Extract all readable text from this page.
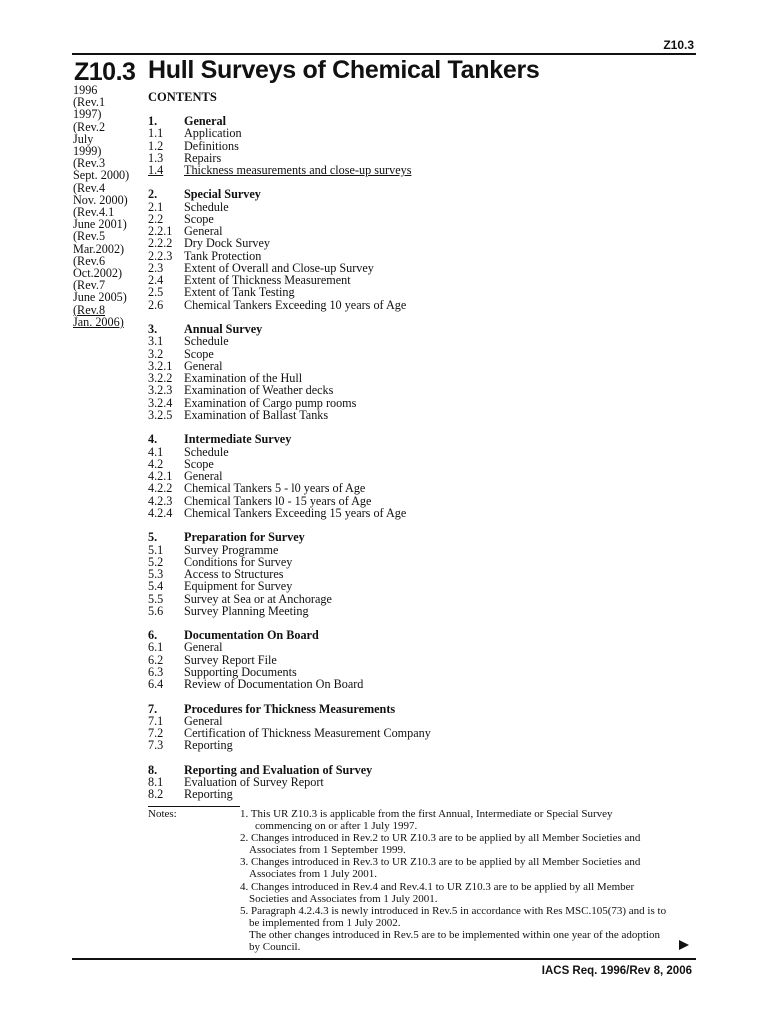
Z10.3
Z10.3 Hull Surveys of Chemical Tankers
1996
(Rev.1
1997)
(Rev.2
July
1999)
(Rev.3
Sept. 2000)
(Rev.4
Nov. 2000)
(Rev.4.1
June 2001)
(Rev.5
Mar.2002)
(Rev.6
Oct.2002)
(Rev.7
June 2005)
(Rev.8
Jan. 2006)
CONTENTS
1.	General
1.1	Application
1.2	Definitions
1.3	Repairs
1.4	Thickness measurements and close-up surveys
2.	Special Survey
2.1	Schedule
2.2	Scope
2.2.1 General
2.2.2 Dry Dock Survey
2.2.3 Tank Protection
2.3	Extent of Overall and Close-up Survey
2.4	Extent of Thickness Measurement
2.5	Extent of Tank Testing
2.6	Chemical Tankers Exceeding 10 years of Age
3.	Annual Survey
3.1	Schedule
3.2	Scope
3.2.1 General
3.2.2 Examination of the Hull
3.2.3 Examination of Weather decks
3.2.4 Examination of Cargo pump rooms
3.2.5 Examination of Ballast Tanks
4.	Intermediate Survey
4.1	Schedule
4.2	Scope
4.2.1 General
4.2.2 Chemical Tankers 5 - l0 years of Age
4.2.3 Chemical Tankers l0 - 15 years of Age
4.2.4 Chemical Tankers Exceeding 15 years of Age
5.	Preparation for Survey
5.1	Survey Programme
5.2	Conditions for Survey
5.3	Access to Structures
5.4	Equipment for Survey
5.5	Survey at Sea or at Anchorage
5.6	Survey Planning Meeting
6.	Documentation On Board
6.1	General
6.2	Survey Report File
6.3	Supporting Documents
6.4	Review of Documentation On Board
7.	Procedures for Thickness Measurements
7.1	General
7.2	Certification of Thickness Measurement Company
7.3	Reporting
8.	Reporting and Evaluation of Survey
8.1	Evaluation of Survey Report
8.2	Reporting
Notes:	1. This UR Z10.3 is applicable from the first Annual, Intermediate or Special Survey
commencing on or after 1 July 1997.
2. Changes introduced in Rev.2 to UR Z10.3 are to be applied by all Member Societies and
Associates from 1 September 1999.
3. Changes introduced in Rev.3 to UR Z10.3 are to be applied by all Member Societies and
Associates from 1 July 2001.
4. Changes introduced in Rev.4 and Rev.4.1 to UR Z10.3 are to be applied by all Member
Societies and Associates from 1 July 2001.
5. Paragraph 4.2.4.3 is newly introduced in Rev.5 in accordance with Res MSC.105(73) and is to
be implemented from 1 July 2002.
The other changes introduced in Rev.5 are to be implemented within one year of the adoption
by Council.
IACS Req. 1996/Rev 8, 2006
